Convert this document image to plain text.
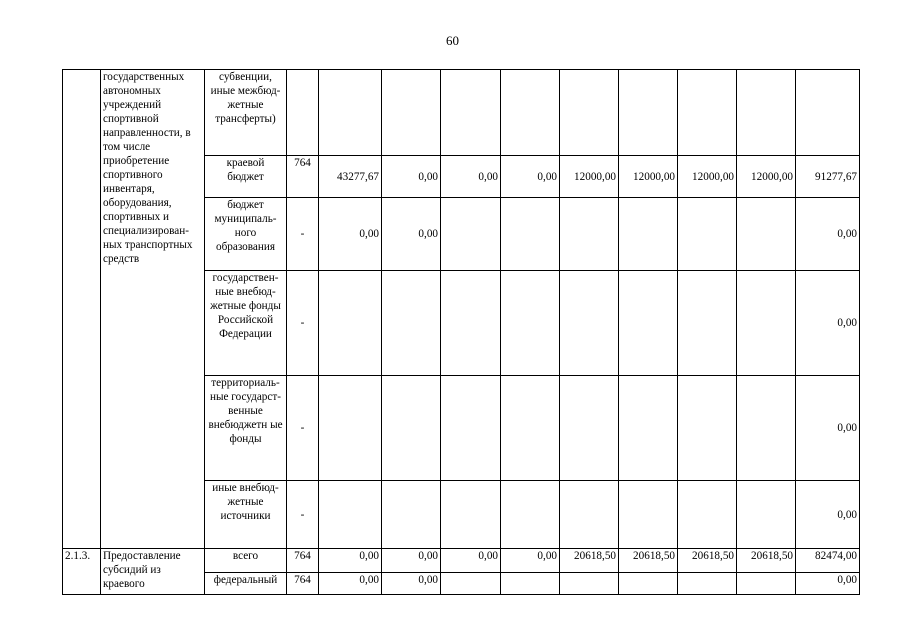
60
	государственных автономных учреждений спортивной направленности, в том числе приобретение спортивного инвентаря, оборудования, спортивных и специализирован-ных транспортных средств	субвенции, иные межбюд-жетные трансферты)										
		краевой бюджет	764	43277,67	0,00	0,00	0,00	12000,00	12000,00	12000,00	12000,00	91277,67
		бюджет муниципаль-ного образования	-	0,00	0,00							0,00
		государствен-ные внебюд-жетные фонды Российской Федерации	-									0,00
		территориаль-ные государст-венные внебюджетн ые фонды	-									0,00
		иные внебюд-жетные источники	-									0,00
2.1.3.	Предоставление субсидий из краевого	всего	764	0,00	0,00	0,00	0,00	20618,50	20618,50	20618,50	20618,50	82474,00
		федеральный	764	0,00	0,00							0,00
